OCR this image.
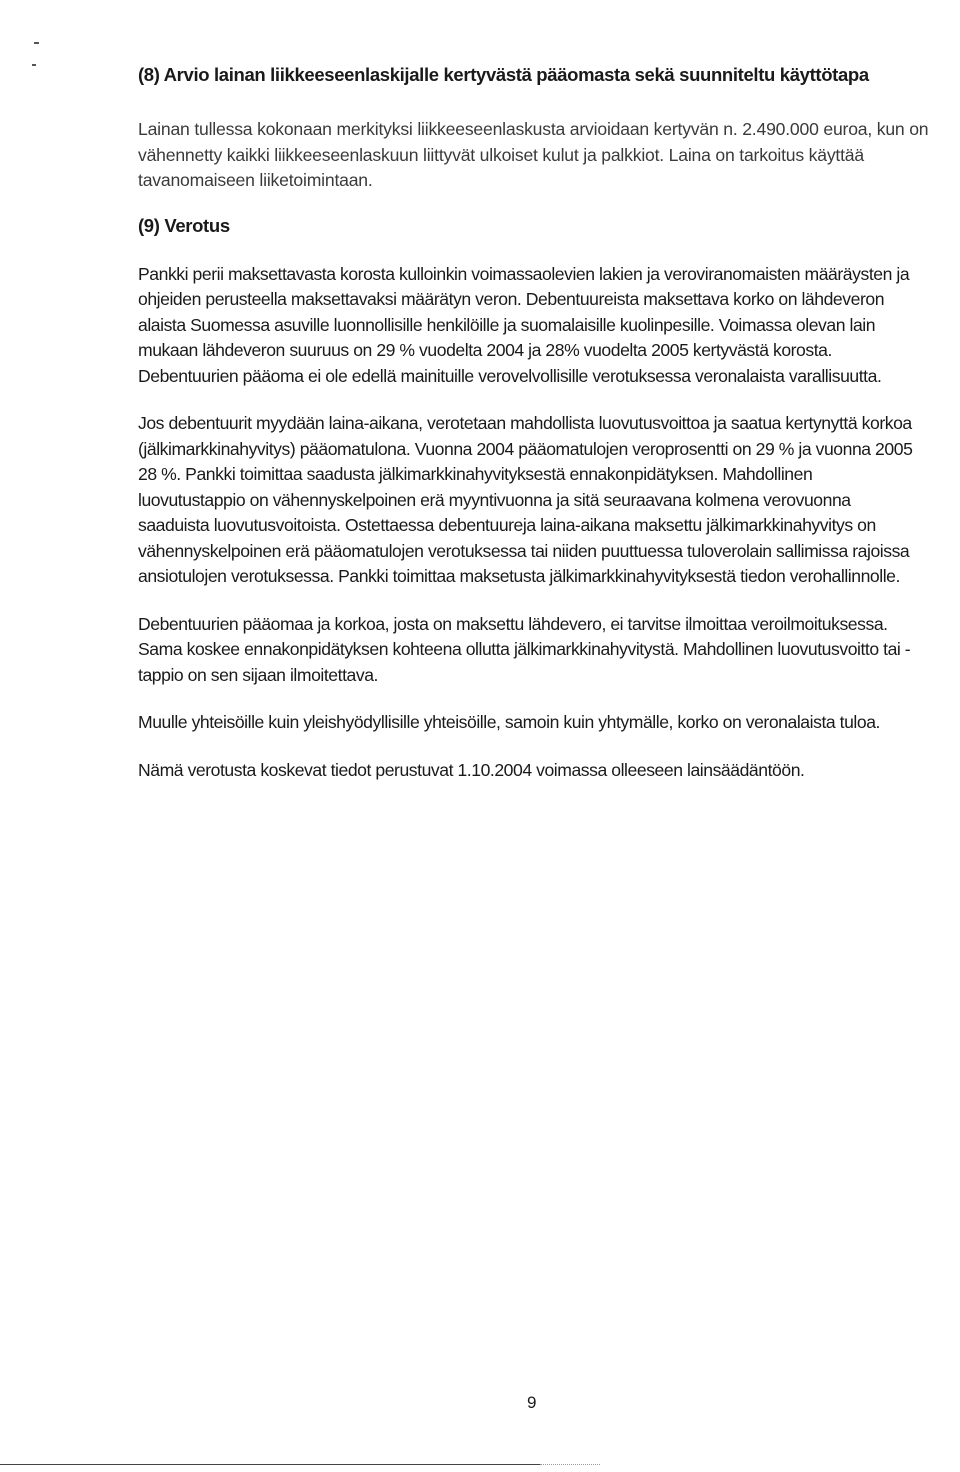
(8) Arvio lainan liikkeeseenlaskijalle kertyvästä pääomasta sekä suunniteltu käyttötapa

Lainan tullessa kokonaan merkityksi liikkeeseenlaskusta arvioidaan kertyvän n. 2.490.000 euroa, kun on
vähennetty kaikki liikkeeseenlaskuun liittyvät ulkoiset kulut ja palkkiot. Laina on tarkoitus käyttää
tavanomaiseen liiketoimintaan.

(9) Verotus

Pankki perii maksettavasta korosta kulloinkin voimassaolevien lakien ja veroviranomaisten määräysten ja
ohjeiden perusteella maksettavaksi määrätyn veron. Debentuureista maksettava korko on lähdeveron
alaista Suomessa asuville luonnollisille henkilöille ja suomalaisille kuolinpesille. Voimassa olevan lain
mukaan lähdeveron suuruus on 29 % vuodelta 2004 ja 28% vuodelta 2005 kertyvästä korosta.
Debentuurien pääoma ei ole edellä mainituille verovelvollisille verotuksessa veronalaista varallisuutta.

Jos debentuurit myydään laina-aikana, verotetaan mahdollista luovutusvoittoa ja saatua kertynyttä korkoa
(jälkimarkkinahyvitys) pääomatulona. Vuonna 2004 pääomatulojen veroprosentti on 29 % ja vuonna 2005
28 %. Pankki toimittaa saadusta jälkimarkkinahyvityksestä ennakonpidätyksen. Mahdollinen
luovutustappio on vähennyskelpoinen erä myyntivuonna ja sitä seuraavana kolmena verovuonna
saaduista luovutusvoitoista. Ostettaessa debentuureja laina-aikana maksettu jälkimarkkinahyvitys on
vähennyskelpoinen erä pääomatulojen verotuksessa tai niiden puuttuessa tuloverolain sallimissa rajoissa
ansiotulojen verotuksessa. Pankki toimittaa maksetusta jälkimarkkinahyvityksestä tiedon verohallinnolle.

Debentuurien pääomaa ja korkoa, josta on maksettu lähdevero, ei tarvitse ilmoittaa veroilmoituksessa.
Sama koskee ennakonpidätyksen kohteena ollutta jälkimarkkinahyvitystä. Mahdollinen luovutusvoitto tai -
tappio on sen sijaan ilmoitettava.

Muulle yhteisöille kuin yleishyödyllisille yhteisöille, samoin kuin yhtymälle, korko on veronalaista tuloa.

Nämä verotusta koskevat tiedot perustuvat 1.10.2004 voimassa olleeseen lainsäädäntöön.

9
